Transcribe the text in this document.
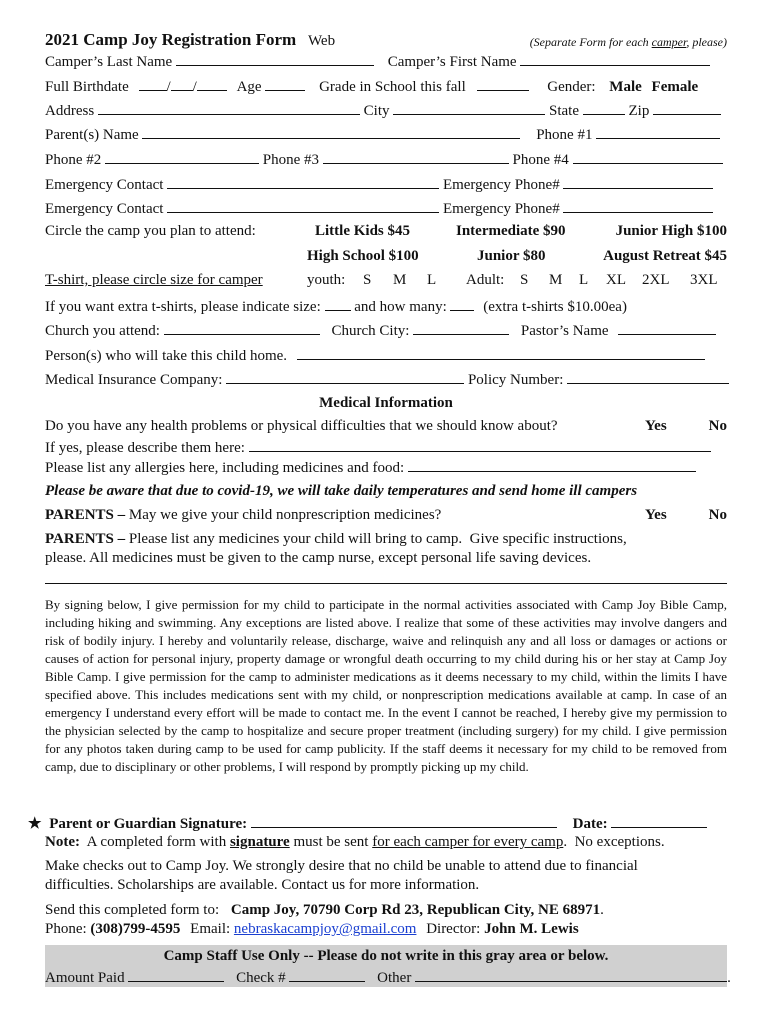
2021 Camp Joy Registration Form Web	(Separate Form for each camper, please)
Camper’s Last Name	Camper’s First Name
Full Birthdate	/ /	Age	Grade in School this fall	Gender: Male Female
Address	City	State	Zip
Parent(s) Name	Phone #1
Phone #2	Phone #3	Phone #4
Emergency Contact	Emergency Phone#
Emergency Contact	Emergency Phone#
Circle the camp you plan to attend:	Little Kids $45	Intermediate $90	Junior High $100
High School $100	Junior $80	August Retreat $45
T-shirt, please circle size for camper	youth: S M L Adult: S M L XL 2XL 3XL
If you want extra t-shirts, please indicate size: and how many: (extra t-shirts $10.00ea)
Church you attend:	Church City:	Pastor’s Name
Person(s) who will take this child home.
Medical Insurance Company:	Policy Number:
Medical Information
Do you have any health problems or physical difficulties that we should know about?	Yes	No
If yes, please describe them here:
Please list any allergies here, including medicines and food:
Please be aware that due to covid-19, we will take daily temperatures and send home ill campers
PARENTS – May we give your child nonprescription medicines?	Yes	No
PARENTS – Please list any medicines your child will bring to camp.  Give specific instructions,
please. All medicines must be given to the camp nurse, except personal life saving devices.
By signing below, I give permission for my child to participate in the normal activities associated with Camp Joy Bible Camp, including hiking and swimming. Any exceptions are listed above. I realize that some of these activities may involve dangers and risk of bodily injury. I hereby and voluntarily release, discharge, waive and relinquish any and all loss or damages or actions or causes of action for personal injury, property damage or wrongful death occurring to my child during his or her stay at Camp Joy Bible Camp. I give permission for the camp to administer medications as it deems necessary to my child, within the limits I have specified above. This includes medications sent with my child, or nonprescription medications available at camp. In case of an emergency I understand every effort will be made to contact me. In the event I cannot be reached, I hereby give my permission to the physician selected by the camp to hospitalize and secure proper treatment (including surgery) for my child. I give permission for any photos taken during camp to be used for camp publicity. If the staff deems it necessary for my child to be removed from camp, due to disciplinary or other problems, I will respond by promptly picking up my child.
★ Parent or Guardian Signature:	Date:
Note:  A completed form with signature must be sent for each camper for every camp.  No exceptions.
Make checks out to Camp Joy. We strongly desire that no child be unable to attend due to financial
difficulties. Scholarships are available. Contact us for more information.
Send this completed form to: Camp Joy, 70790 Corp Rd 23, Republican City, NE 68971.
Phone: (308)799-4595 Email: nebraskacampjoy@gmail.com Director: John M. Lewis
Camp Staff Use Only -- Please do not write in this gray area or below.
Amount Paid	Check #	Other	.
